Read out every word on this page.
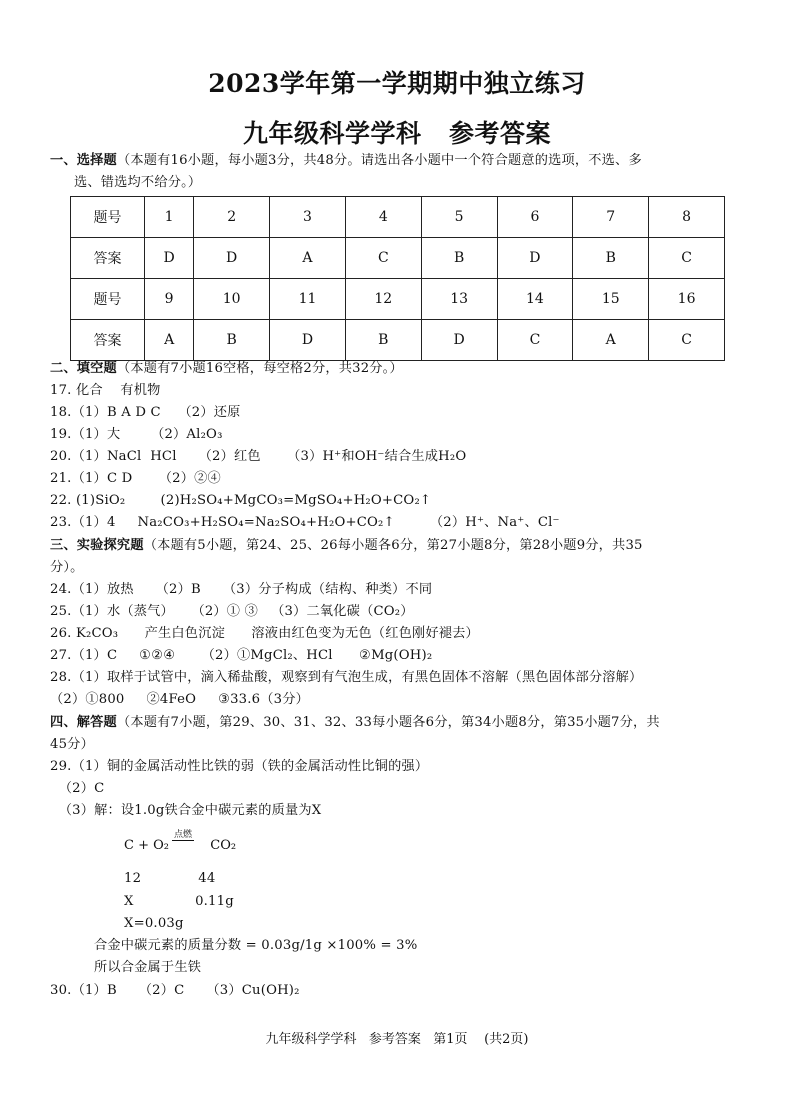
2023学年第一学期期中独立练习
九年级科学学科   参考答案
一、选择题（本题有16小题，每小题3分，共48分。请选出各小题中一个符合题意的选项，不选、多
选、错选均不给分。）
题号	1	2	3	4	5	6	7	8
答案	D	D	A	C	B	D	B	C
题号	9	10	11	12	13	14	15	16
答案	A	B	D	B	D	C	A	C
二、填空题（本题有7小题16空格，每空格2分，共32分。）
17. 化合    有机物
18.（1）B A D C    （2）还原
19.（1）大       （2）Al₂O₃
20.（1）NaCl  HCl     （2）红色      （3）H⁺和OH⁻结合生成H₂O
21.（1）C D      （2）②④
22. (1)SiO₂        (2)H₂SO₄+MgCO₃=MgSO₄+H₂O+CO₂↑
23.（1）4     Na₂CO₃+H₂SO₄=Na₂SO₄+H₂O+CO₂↑        （2）H⁺、Na⁺、Cl⁻
三、实验探究题（本题有5小题，第24、25、26每小题各6分，第27小题8分，第28小题9分，共35
分）。
24.（1）放热     （2）B     （3）分子构成（结构、种类）不同
25.（1）水（蒸气）    （2）① ③   （3）二氧化碳（CO₂）
26. K₂CO₃      产生白色沉淀      溶液由红色变为无色（红色刚好褪去）
27.（1）C     ①②④      （2）①MgCl₂、HCl      ②Mg(OH)₂
28.（1）取样于试管中，滴入稀盐酸，观察到有气泡生成，有黑色固体不溶解（黑色固体部分溶解）
（2）①800     ②4FeO     ③33.6（3分）
四、解答题（本题有7小题，第29、30、31、32、33每小题各6分，第34小题8分，第35小题7分，共
45分）
29.（1）铜的金属活动性比铁的弱（铁的金属活动性比铜的强）
（2）C
（3）解：设1.0g铁合金中碳元素的质量为X
C + O₂          CO₂
点燃
12             44
X              0.11g
X=0.03g
合金中碳元素的质量分数 = 0.03g/1g ×100% = 3%
所以合金属于生铁
30.（1）B     （2）C     （3）Cu(OH)₂
九年级科学学科   参考答案   第1页    (共2页)
